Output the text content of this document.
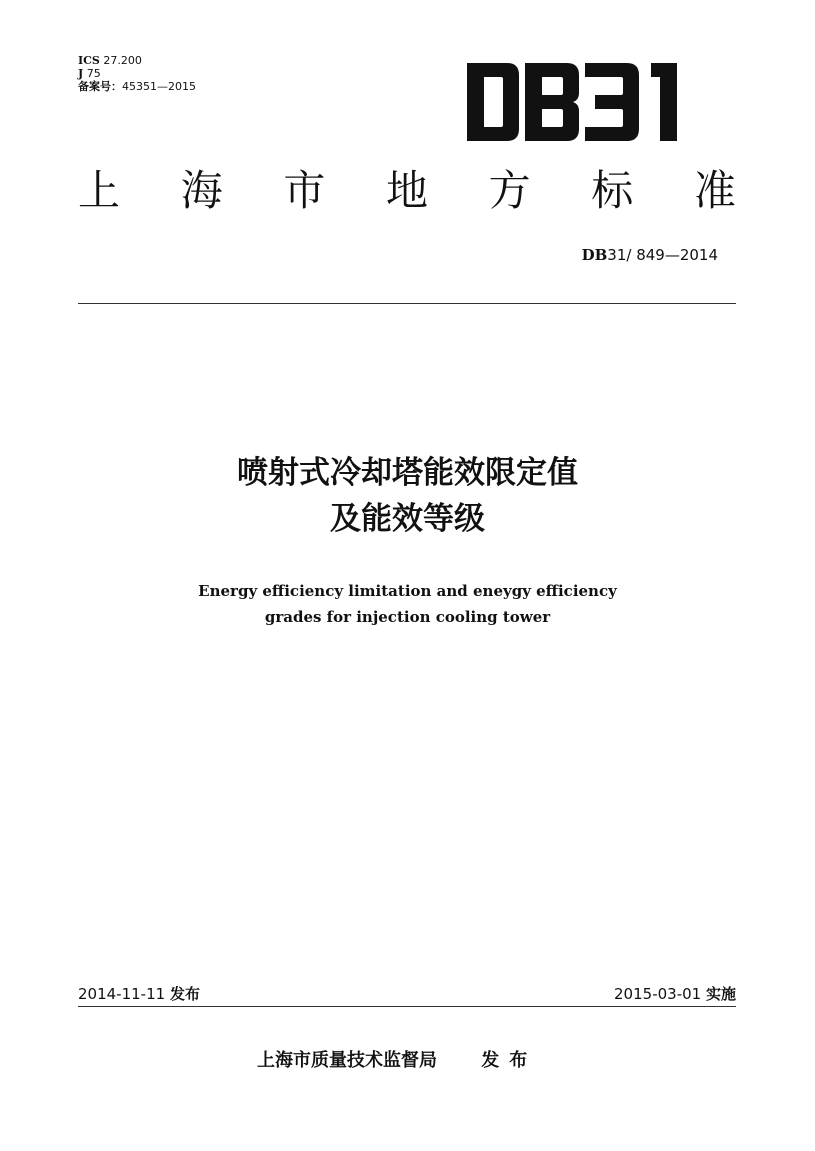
ICS 27.200
J 75
备案号：45351—2015
上 海 市 地 方 标 准
DB31/ 849—2014
喷射式冷却塔能效限定值
及能效等级
Energy efficiency limitation and eneygy efficiency
grades for injection cooling tower
2014-11-11 发布	2015-03-01 实施
上海市质量技术监督局 发布
